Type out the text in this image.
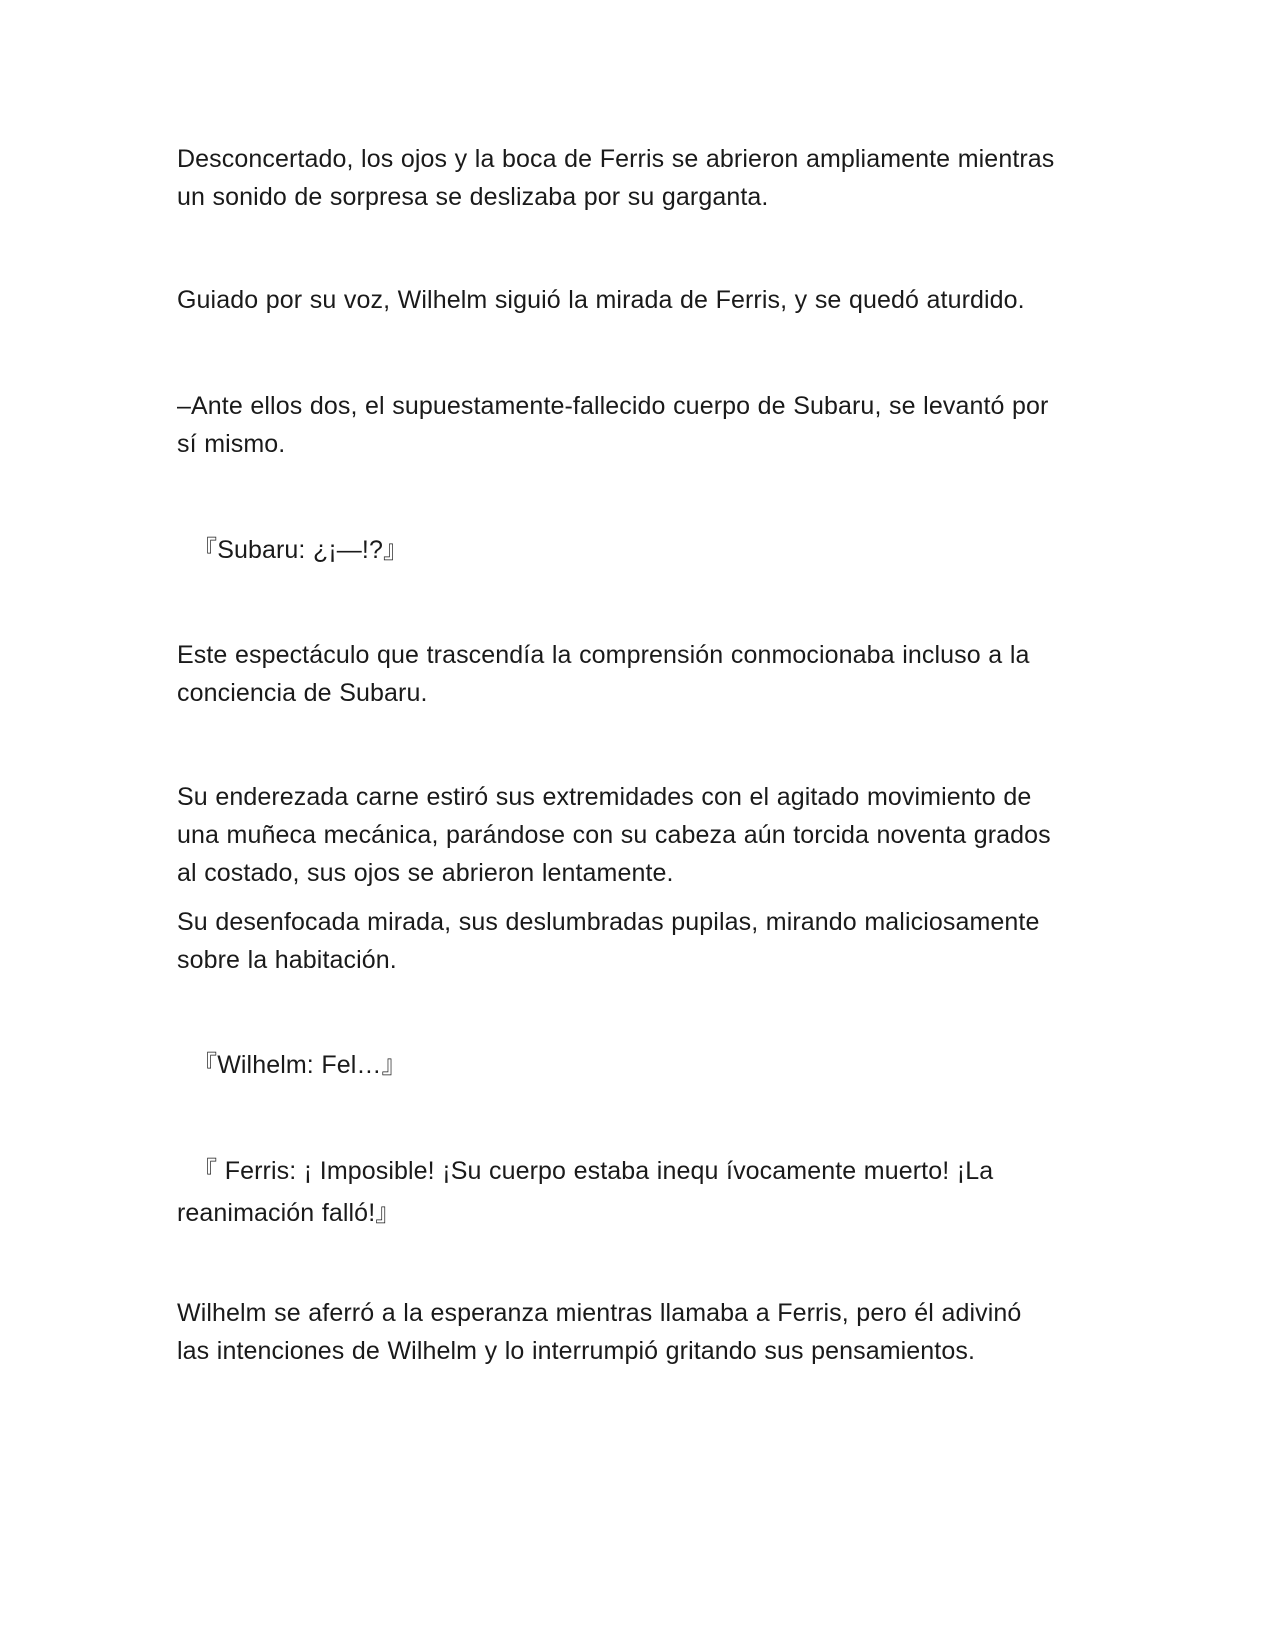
Desconcertado, los ojos y la boca de Ferris se abrieron ampliamente mientras
un sonido de sorpresa se deslizaba por su garganta.

Guiado por su voz, Wilhelm siguió la mirada de Ferris, y se quedó aturdido.

–Ante ellos dos, el supuestamente-fallecido cuerpo de Subaru, se levantó por
sí mismo.

『Subaru: ¿¡—!?』

Este espectáculo que trascendía la comprensión conmocionaba incluso a la
conciencia de Subaru.

Su enderezada carne estiró sus extremidades con el agitado movimiento de
una muñeca mecánica, parándose con su cabeza aún torcida noventa grados
al costado, sus ojos se abrieron lentamente.

Su desenfocada mirada, sus deslumbradas pupilas, mirando maliciosamente
sobre la habitación.

『Wilhelm: Fel…』

『 Ferris: ¡ Imposible! ¡Su cuerpo estaba inequ ívocamente muerto! ¡La
reanimación falló!』

Wilhelm se aferró a la esperanza mientras llamaba a Ferris, pero él adivinó
las intenciones de Wilhelm y lo interrumpió gritando sus pensamientos.
